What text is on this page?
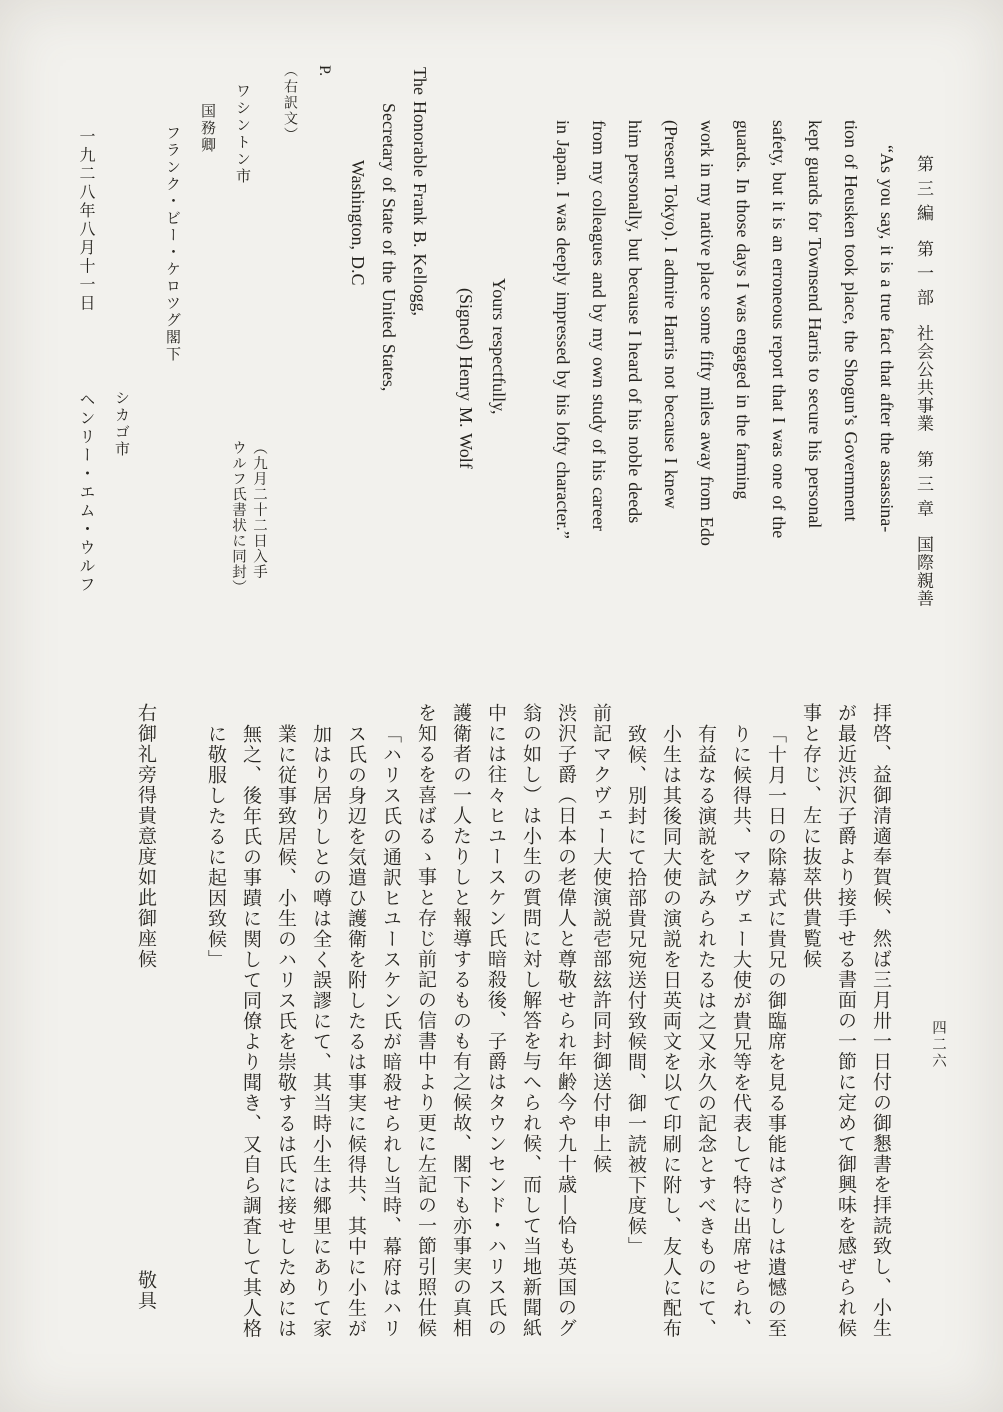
第 三 編　第 一 部　社会公共事業　第 三 章　国際親善
“As you say, it is a true fact that after the assassina-
tion of Heusken took place, the Shogun’s Government
kept guards for Townsend Harris to secure his personal
safety, but it is an erroneous report that I was one of the
guards. In those days I was engaged in the farming
work in my native place some fifty miles away from Edo
(Present Tokyo). I admire Harris not because I knew
him personally, but because I heard of his noble deeds
from my colleagues and by my own study of his career
in Japan. I was deeply impressed by his lofty character.”
Yours respectfully,
(Signed) Henry M. Wolf
The Honorable Frank B. Kellogg,
Secretary of State of the United States,
Washington, D.C
P.
（右訳文）
ワシントン市
国務卿
フランク・ビー・ケロツグ閣下
シカゴ市
一九二八年八月十一日ヘンリー・エム・ウルフ	（九月二十二日入手
ウルフ氏書状に同封）
四二六
拝啓、益御清適奉賀候、然ば三月卅一日付の御懇書を拝読致し、小生
が最近渋沢子爵より接手せる書面の一節に定めて御興味を感ぜられ候
事と存じ、左に抜萃供貴覧候
「十月一日の除幕式に貴兄の御臨席を見る事能はざりしは遺憾の至
りに候得共、マクヴェー大使が貴兄等を代表して特に出席せられ、
有益なる演説を試みられたるは之又永久の記念とすべきものにて、
小生は其後同大使の演説を日英両文を以て印刷に附し、友人に配布
致候、別封にて拾部貴兄宛送付致候間、御一読被下度候」
前記マクヴェー大使演説壱部玆許同封御送付申上候
渋沢子爵（日本の老偉人と尊敬せられ年齢今や九十歳―恰も英国のグ
翁の如し）は小生の質問に対し解答を与へられ候、而して当地新聞紙
中には往々ヒユースケン氏暗殺後、子爵はタウンセンド・ハリス氏の
護衛者の一人たりしと報導するものも有之候故、閣下も亦事実の真相
を知るを喜ばるゝ事と存じ前記の信書中より更に左記の一節引照仕候
「ハリス氏の通訳ヒユースケン氏が暗殺せられし当時、幕府はハリ
ス氏の身辺を気遣ひ護衛を附したるは事実に候得共、其中に小生が
加はり居りしとの噂は全く誤謬にて、其当時小生は郷里にありて家
業に従事致居候、小生のハリス氏を崇敬するは氏に接せしためには
無之、後年氏の事蹟に関して同僚より聞き、又自ら調査して其人格
に敬服したるに起因致候」
右御礼旁得貴意度如此御座候敬具
